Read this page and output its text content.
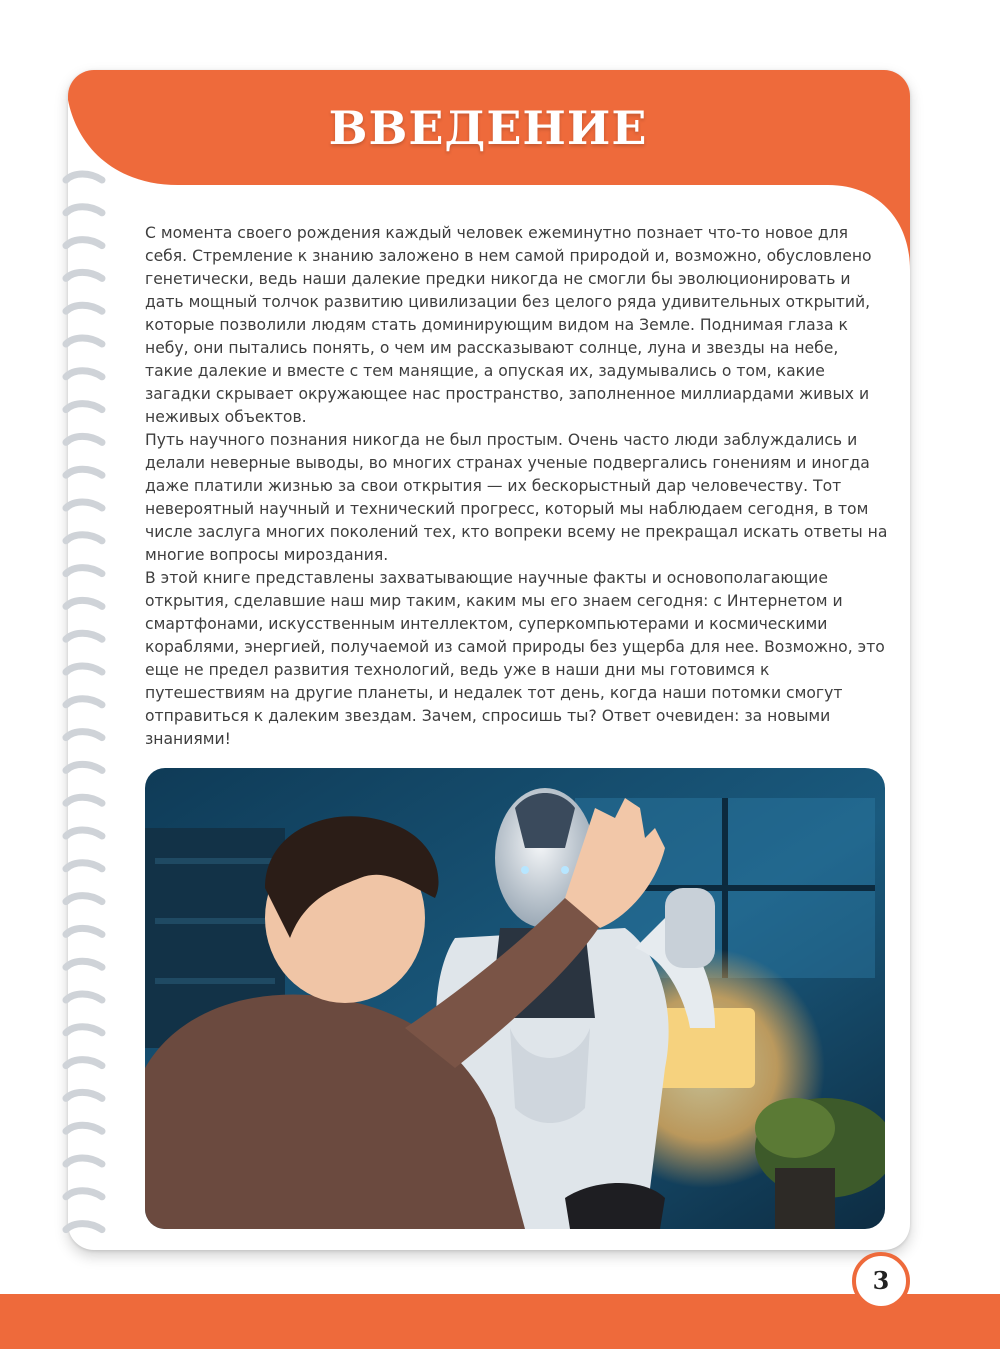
ВВЕДЕНИЕ

С момента своего рождения каждый человек ежеминутно познает что-то новое для себя. Стремление к знанию заложено в нем самой природой и, возможно, обусловлено генетически, ведь наши далекие предки никогда не смогли бы эволюционировать и дать мощный толчок развитию цивилизации без целого ряда удивительных открытий, которые позволили людям стать доминирующим видом на Земле. Поднимая глаза к небу, они пытались понять, о чем им рассказывают солнце, луна и звезды на небе, такие далекие и вместе с тем манящие, а опуская их, задумывались о том, какие загадки скрывает окружающее нас пространство, заполненное миллиардами живых и неживых объектов.

Путь научного познания никогда не был простым. Очень часто люди заблуждались и делали неверные выводы, во многих странах ученые подвергались гонениям и иногда даже платили жизнью за свои открытия — их бескорыстный дар человечеству. Тот невероятный научный и технический прогресс, который мы наблюдаем сегодня, в том числе заслуга многих поколений тех, кто вопреки всему не прекращал искать ответы на многие вопросы мироздания.

В этой книге представлены захватывающие научные факты и основополагающие открытия, сделавшие наш мир таким, каким мы его знаем сегодня: с Интернетом и смартфонами, искусственным интеллектом, суперкомпьютерами и космическими кораблями, энергией, получаемой из самой природы без ущерба для нее. Возможно, это еще не предел развития технологий, ведь уже в наши дни мы готовимся к путешествиям на другие планеты, и недалек тот день, когда наши потомки смогут отправиться к далеким звездам. Зачем, спросишь ты? Ответ очевиден: за новыми знаниями!

3
